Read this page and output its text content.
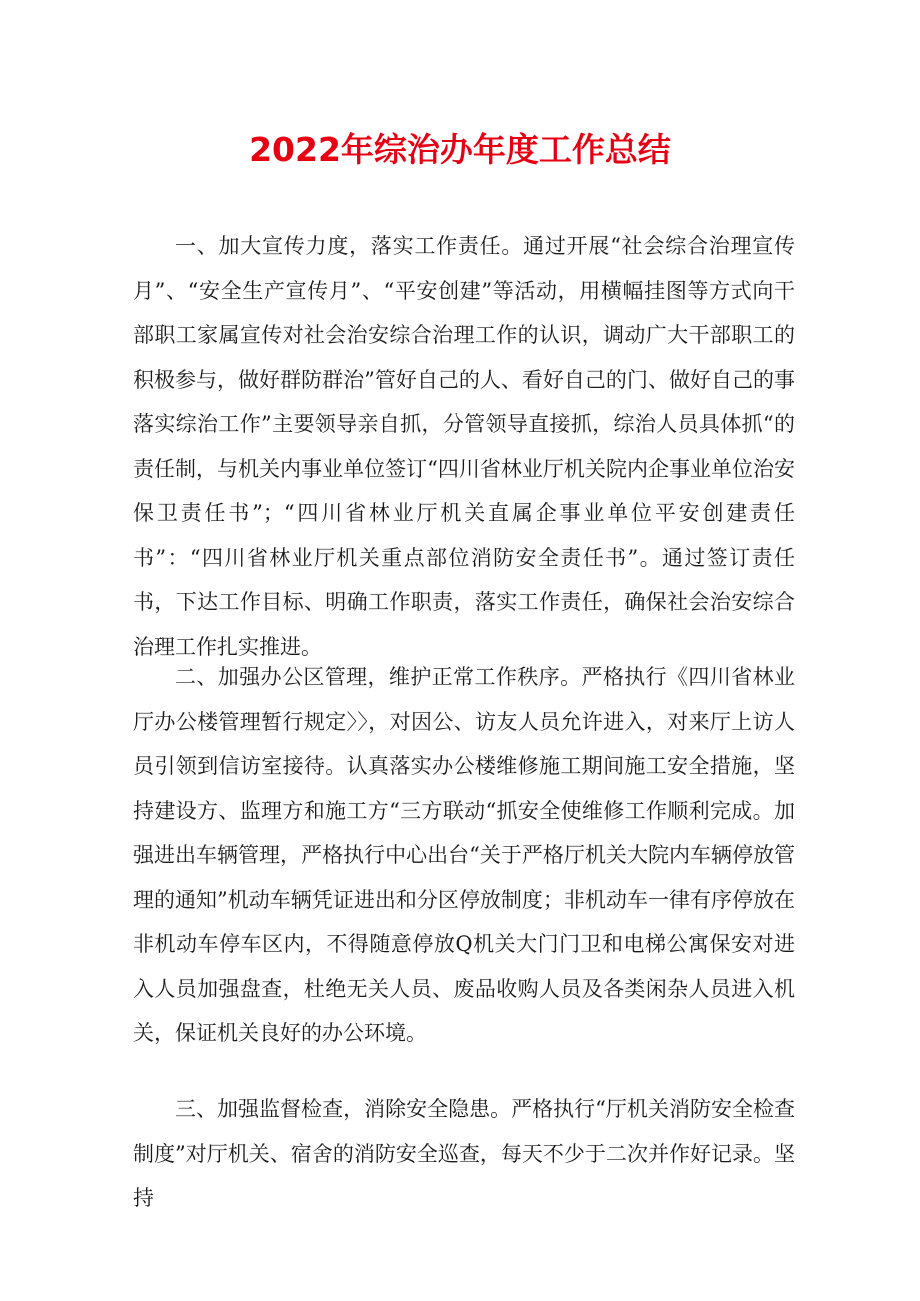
2022年综治办年度工作总结

一、加大宣传力度，落实工作责任。通过开展“社会综合治理宣传月”、“安全生产宣传月”、“平安创建”等活动，用横幅挂图等方式向干部职工家属宣传对社会治安综合治理工作的认识，调动广大干部职工的积极参与，做好群防群治”管好自己的人、看好自己的门、做好自己的事落实综治工作”主要领导亲自抓，分管领导直接抓，综治人员具体抓“的责任制，与机关内事业单位签订“四川省林业厅机关院内企事业单位治安保卫责任书”；“四川省林业厅机关直属企事业单位平安创建责任书”：“四川省林业厅机关重点部位消防安全责任书”。通过签订责任书，下达工作目标、明确工作职责，落实工作责任，确保社会治安综合治理工作扎实推进。

二、加强办公区管理，维护正常工作秩序。严格执行《四川省林业厅办公楼管理暂行规定〉〉，对因公、访友人员允许进入，对来厅上访人员引领到信访室接待。认真落实办公楼维修施工期间施工安全措施，坚持建设方、监理方和施工方“三方联动“抓安全使维修工作顺利完成。加强进出车辆管理，严格执行中心出台“关于严格厅机关大院内车辆停放管理的通知”机动车辆凭证进出和分区停放制度；非机动车一律有序停放在非机动车停车区内，不得随意停放Q机关大门门卫和电梯公寓保安对进入人员加强盘查，杜绝无关人员、废品收购人员及各类闲杂人员进入机关，保证机关良好的办公环境。

三、加强监督检查，消除安全隐患。严格执行“厅机关消防安全检查制度”对厅机关、宿舍的消防安全巡查，每天不少于二次并作好记录。坚持
